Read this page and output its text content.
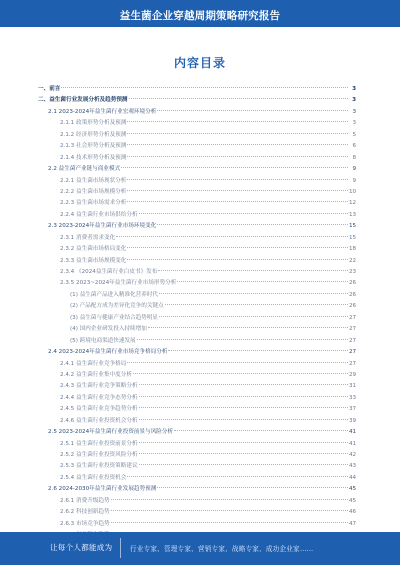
益生菌企业穿越周期策略研究报告
内容目录
一、前言	3
二、益生菌行业发展分析及趋势预测	3
2.1 2023-2024年益生菌行业宏观环境分析	3
2.1.1 政策形势分析及预测	3
2.1.2 经济形势分析及预测	5
2.1.3 社会形势分析及预测	6
2.1.4 技术形势分析及预测	8
2.2 益生菌产业链与商业模式	9
2.2.1 益生菌市场现状分析	9
2.2.2 益生菌市场规模分析	10
2.2.3 益生菌市场需求分析	12
2.2.4 益生菌行业市场供给分析	13
2.3 2023-2024年益生菌行业市场环境变化	15
2.3.1 消费者需求变化	15
2.3.2 益生菌市场格局变化	18
2.3.3 益生菌市场规模变化	22
2.3.4 《2024益生菌行业白皮书》发布	23
2.3.5 2023~2024年益生菌行业市场形势分析	26
(1) 益生菌产品进入精准化营养时代	26
(2) 产品配方成为差异化竞争的关键点	26
(3) 益生菌与健康产业结合趋势明显	27
(4) 国内企业研发投入持续增加	27
(5) 跨境电商渠道快速发展	27
2.4 2023-2024年益生菌行业市场竞争格局分析	27
2.4.1 益生菌行业竞争格局	27
2.4.2 益生菌行业集中度分析	29
2.4.3 益生菌行业竞争策略分析	31
2.4.4 益生菌行业竞争态势分析	33
2.4.5 益生菌行业竞争趋势分析	37
2.4.6 益生菌行业投资机会分析	39
2.5 2023-2024年益生菌行业投资前景与风险分析	41
2.5.1 益生菌行业投资前景分析	41
2.5.2 益生菌行业投资风险分析	42
2.5.3 益生菌行业投资策略建议	43
2.5.4 益生菌行业投资机会	44
2.6 2024-2030年益生菌行业发展趋势预测	45
2.6.1 消费升级趋势	45
2.6.2 科技创新趋势	46
2.6.3 市场竞争趋势	47
让每个人都能成为	行业专家、管理专家、营销专家、战略专家、成功企业家……
